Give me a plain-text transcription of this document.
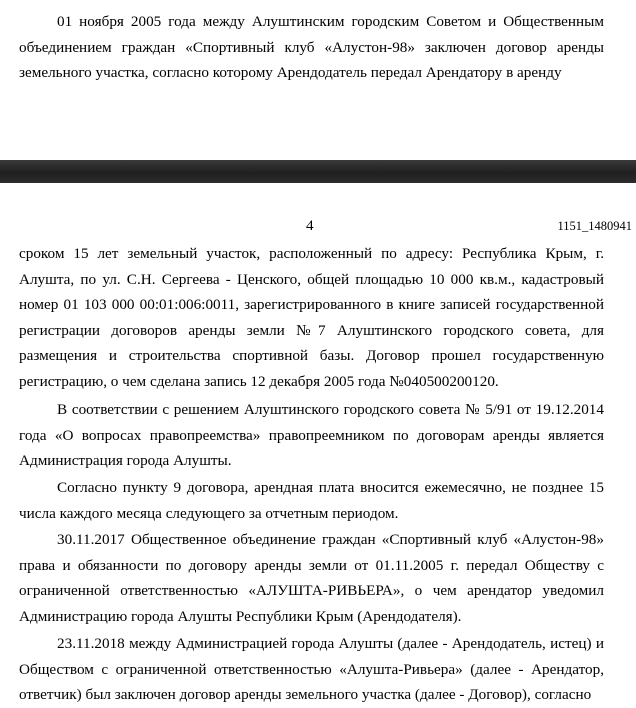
01 ноября 2005 года между Алуштинским городским Советом и Общественным объединением граждан «Спортивный клуб «Алустон-98» заключен договор аренды земельного участка, согласно которому Арендодатель передал Арендатору в аренду

4	1151_1480941

сроком 15 лет земельный участок, расположенный по адресу: Республика Крым, г. Алушта, по ул. С.Н. Сергеева - Ценского, общей площадью 10 000 кв.м., кадастровый номер 01 103 000 00:01:006:0011, зарегистрированного в книге записей государственной регистрации договоров аренды земли №7 Алуштинского городского совета, для размещения и строительства спортивной базы. Договор прошел государственную регистрацию, о чем сделана запись 12 декабря 2005 года №040500200120.

В соответствии с решением Алуштинского городского совета № 5/91 от 19.12.2014 года «О вопросах правопреемства» правопреемником по договорам аренды является Администрация города Алушты.

Согласно пункту 9 договора, арендная плата вносится ежемесячно, не позднее 15 числа каждого месяца следующего за отчетным периодом.

30.11.2017 Общественное объединение граждан «Спортивный клуб «Алустон-98» права и обязанности по договору аренды земли от 01.11.2005 г. передал Обществу с ограниченной ответственностью «АЛУШТА-РИВЬЕРА», о чем арендатор уведомил Администрацию города Алушты Республики Крым (Арендодателя).

23.11.2018 между Администрацией города Алушты (далее - Арендодатель, истец) и Обществом с ограниченной ответственностью «Алушта-Ривьера» (далее - Арендатор, ответчик) был заключен договор аренды земельного участка (далее - Договор), согласно
